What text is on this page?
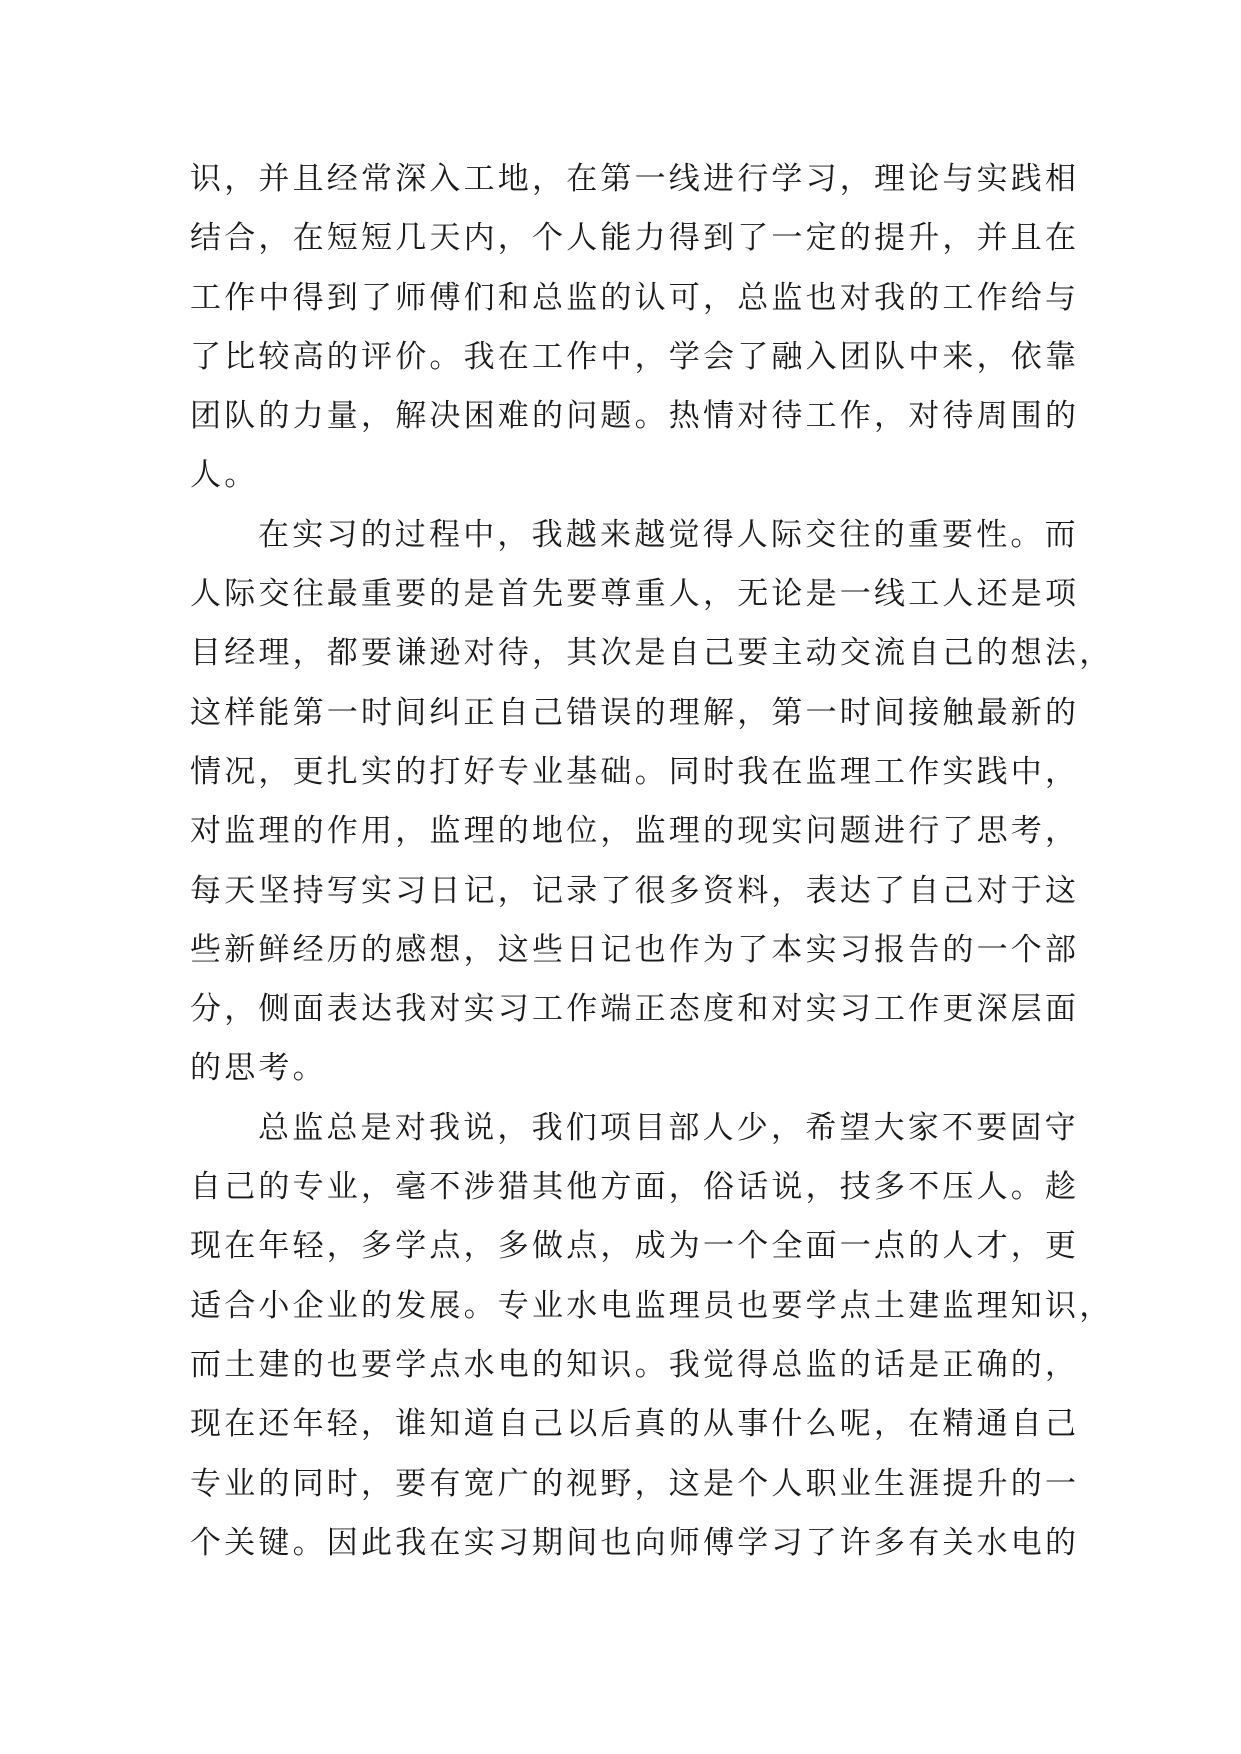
识，并且经常深入工地，在第一线进行学习，理论与实践相
结合，在短短几天内，个人能力得到了一定的提升，并且在
工作中得到了师傅们和总监的认可，总监也对我的工作给与
了比较高的评价。我在工作中，学会了融入团队中来，依靠
团队的力量，解决困难的问题。热情对待工作，对待周围的
人。
在实习的过程中，我越来越觉得人际交往的重要性。而
人际交往最重要的是首先要尊重人，无论是一线工人还是项
目经理，都要谦逊对待，其次是自己要主动交流自己的想法，
这样能第一时间纠正自己错误的理解，第一时间接触最新的
情况，更扎实的打好专业基础。同时我在监理工作实践中，
对监理的作用，监理的地位，监理的现实问题进行了思考，
每天坚持写实习日记，记录了很多资料，表达了自己对于这
些新鲜经历的感想，这些日记也作为了本实习报告的一个部
分，侧面表达我对实习工作端正态度和对实习工作更深层面
的思考。
总监总是对我说，我们项目部人少，希望大家不要固守
自己的专业，毫不涉猎其他方面，俗话说，技多不压人。趁
现在年轻，多学点，多做点，成为一个全面一点的人才，更
适合小企业的发展。专业水电监理员也要学点土建监理知识，
而土建的也要学点水电的知识。我觉得总监的话是正确的，
现在还年轻，谁知道自己以后真的从事什么呢，在精通自己
专业的同时，要有宽广的视野，这是个人职业生涯提升的一
个关键。因此我在实习期间也向师傅学习了许多有关水电的
